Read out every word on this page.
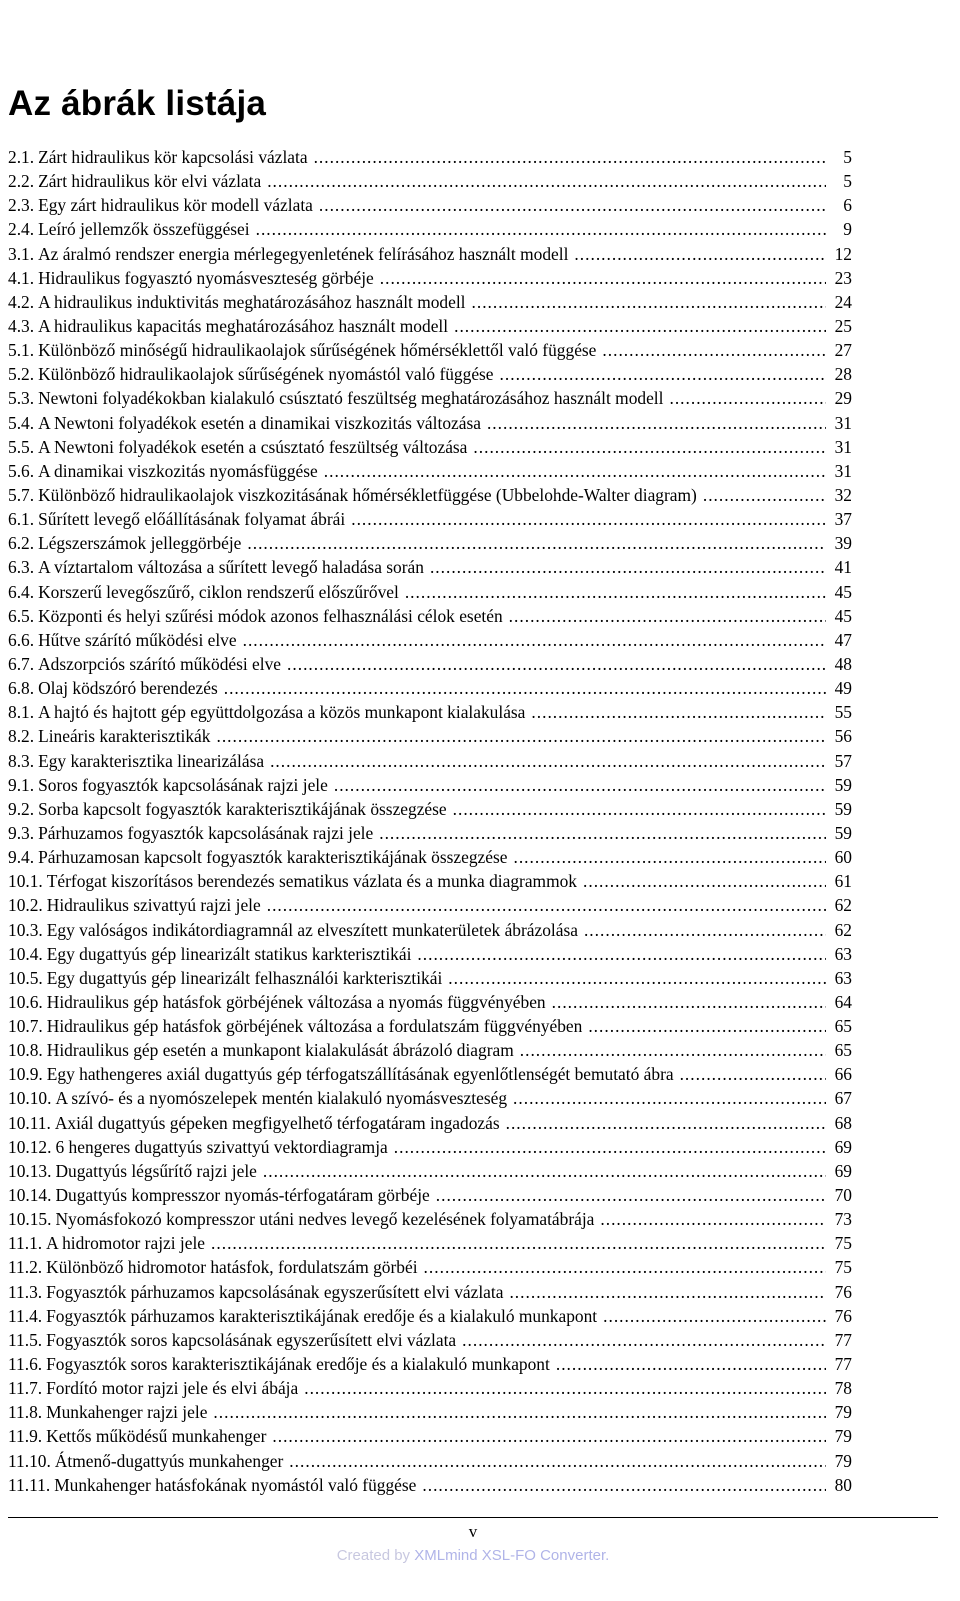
Az ábrák listája
2.1. Zárt hidraulikus kör kapcsolási vázlata .....	5
2.2. Zárt hidraulikus kör elvi vázlata .....	5
2.3. Egy zárt hidraulikus kör modell vázlata .....	6
2.4. Leíró jellemzők összefüggései .....	9
3.1. Az áralmó rendszer energia mérlegegyenletének felírásához használt modell .....	12
4.1. Hidraulikus fogyasztó nyomásveszteség görbéje .....	23
4.2. A hidraulikus induktivitás meghatározásához használt modell .....	24
4.3. A hidraulikus kapacitás meghatározásához használt modell .....	25
5.1. Különböző minőségű hidraulikaolajok sűrűségének hőmérséklettől való függése .....	27
5.2. Különböző hidraulikaolajok sűrűségének nyomástól való függése .....	28
5.3. Newtoni folyadékokban kialakuló csúsztató feszültség meghatározásához használt modell .....	29
5.4. A Newtoni folyadékok esetén a dinamikai viszkozitás változása .....	31
5.5. A Newtoni folyadékok esetén a csúsztató feszültség változása .....	31
5.6. A dinamikai viszkozitás nyomásfüggése .....	31
5.7. Különböző hidraulikaolajok viszkozitásának hőmérsékletfüggése (Ubbelohde-Walter diagram) .....	32
6.1. Sűrített levegő előállításának folyamat ábrái .....	37
6.2. Légszerszámok jelleggörbéje .....	39
6.3. A víztartalom változása a sűrített levegő haladása során .....	41
6.4. Korszerű levegőszűrő, ciklon rendszerű előszűrővel .....	45
6.5. Központi és helyi szűrési módok azonos felhasználási célok esetén .....	45
6.6. Hűtve szárító működési elve .....	47
6.7. Adszorpciós szárító működési elve .....	48
6.8. Olaj ködszóró berendezés .....	49
8.1. A hajtó és hajtott gép együttdolgozása a közös munkapont kialakulása .....	55
8.2. Lineáris karakterisztikák .....	56
8.3. Egy karakterisztika linearizálása .....	57
9.1. Soros fogyasztók kapcsolásának rajzi jele .....	59
9.2. Sorba kapcsolt fogyasztók karakterisztikájának összegzése .....	59
9.3. Párhuzamos fogyasztók kapcsolásának rajzi jele .....	59
9.4. Párhuzamosan kapcsolt fogyasztók karakterisztikájának összegzése .....	60
10.1. Térfogat kiszorításos berendezés sematikus vázlata és a munka diagrammok .....	61
10.2. Hidraulikus szivattyú rajzi jele .....	62
10.3. Egy valóságos indikátordiagramnál az elveszített munkaterületek ábrázolása .....	62
10.4. Egy dugattyús gép linearizált statikus karkterisztikái .....	63
10.5. Egy dugattyús gép linearizált felhasználói karkterisztikái .....	63
10.6. Hidraulikus gép hatásfok görbéjének változása a nyomás függvényében .....	64
10.7. Hidraulikus gép hatásfok görbéjének változása a fordulatszám függvényében .....	65
10.8. Hidraulikus gép esetén a munkapont kialakulását ábrázoló diagram .....	65
10.9. Egy hathengeres axiál dugattyús gép térfogatszállításának egyenlőtlenségét bemutató ábra .....	66
10.10. A szívó- és a nyomószelepek mentén kialakuló nyomásveszteség .....	67
10.11. Axiál dugattyús gépeken megfigyelhető térfogatáram ingadozás .....	68
10.12. 6 hengeres dugattyús szivattyú vektordiagramja .....	69
10.13. Dugattyús légsűrítő rajzi jele .....	69
10.14. Dugattyús kompresszor nyomás-térfogatáram görbéje .....	70
10.15. Nyomásfokozó kompresszor utáni nedves levegő kezelésének folyamatábrája .....	73
11.1. A hidromotor rajzi jele .....	75
11.2. Különböző hidromotor hatásfok, fordulatszám görbéi .....	75
11.3. Fogyasztók párhuzamos kapcsolásának egyszerűsített elvi vázlata .....	76
11.4. Fogyasztók párhuzamos karakterisztikájának eredője és a kialakuló munkapont .....	76
11.5. Fogyasztók soros kapcsolásának egyszerűsített elvi vázlata .....	77
11.6. Fogyasztók soros karakterisztikájának eredője és a kialakuló munkapont .....	77
11.7. Fordító motor rajzi jele és elvi ábája .....	78
11.8. Munkahenger rajzi jele .....	79
11.9. Kettős működésű munkahenger .....	79
11.10. Átmenő-dugattyús munkahenger .....	79
11.11. Munkahenger hatásfokának nyomástól való függése .....	80
v
Created by XMLmind XSL-FO Converter.
